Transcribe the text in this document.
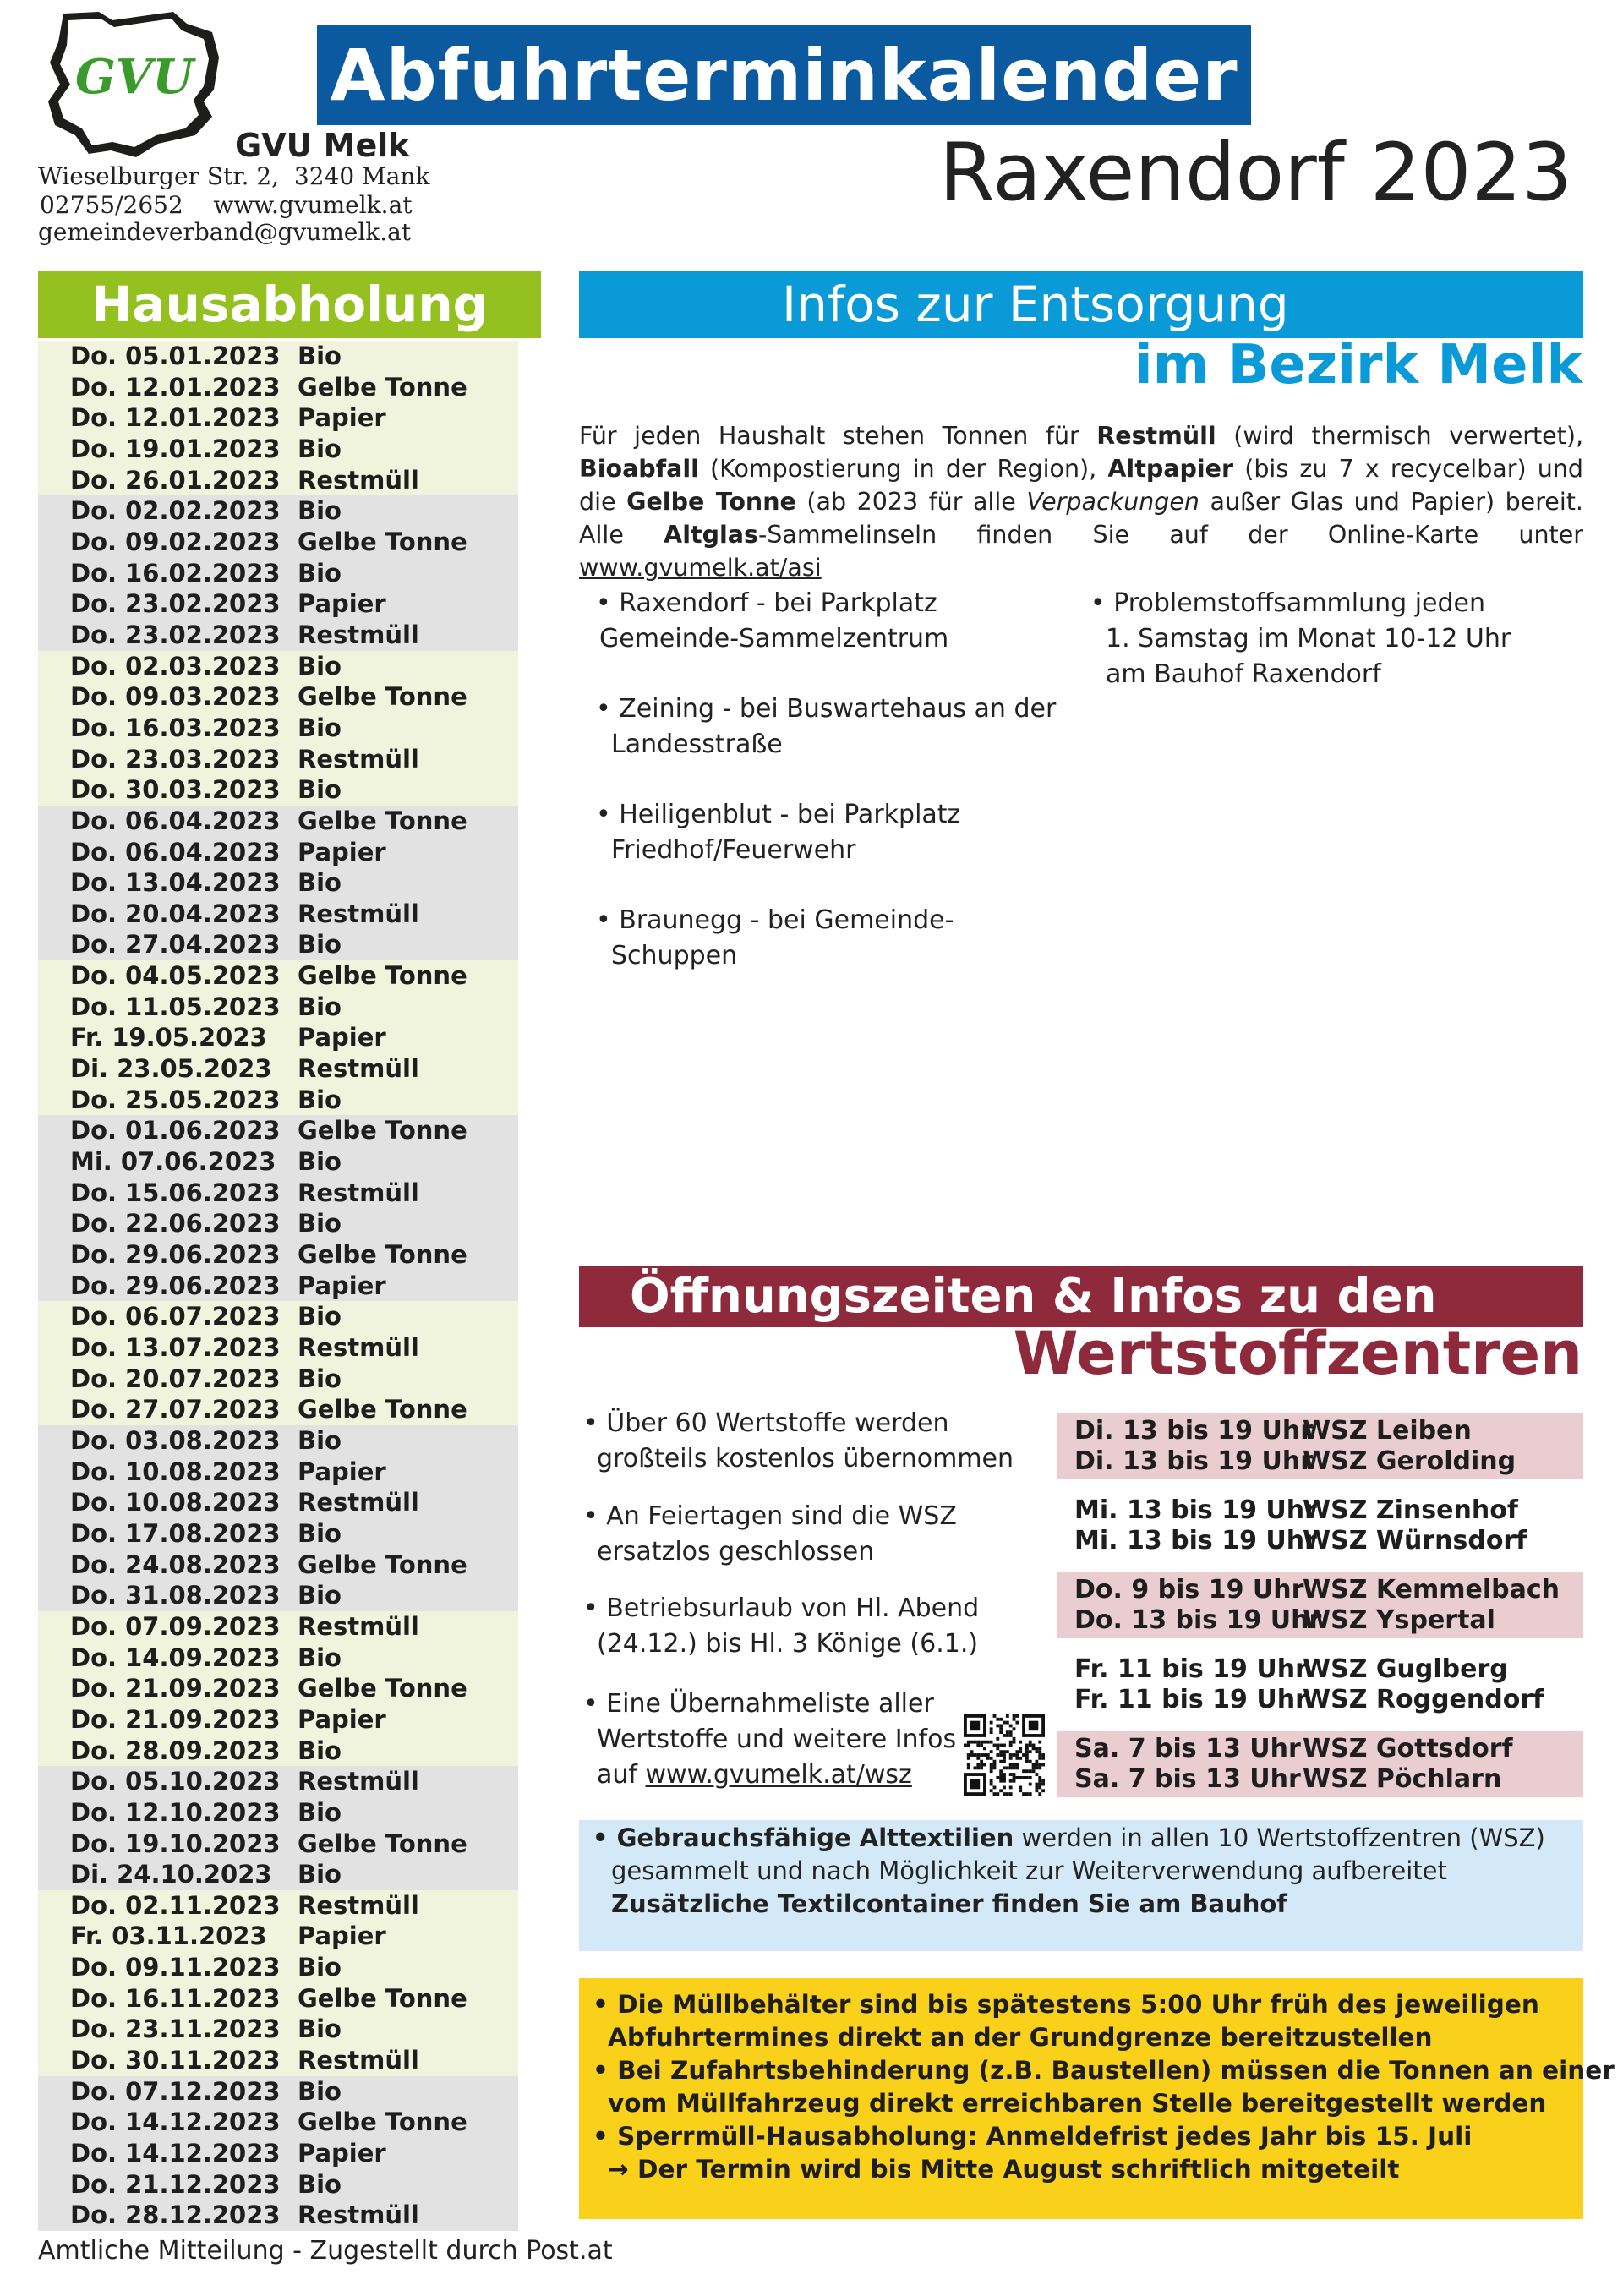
GVU Abfuhrterminkalender
Raxendorf 2023
GVU Melk
Wieselburger Str. 2,  3240 Mank
02755/2652    www.gvumelk.at
gemeindeverband@gvumelk.at
Hausabholung
Do. 05.01.2023 Bio
Do. 12.01.2023 Gelbe Tonne
Do. 12.01.2023 Papier
Do. 19.01.2023 Bio
Do. 26.01.2023 Restmüll
Do. 02.02.2023 Bio
Do. 09.02.2023 Gelbe Tonne
Do. 16.02.2023 Bio
Do. 23.02.2023 Papier
Do. 23.02.2023 Restmüll
Do. 02.03.2023 Bio
Do. 09.03.2023 Gelbe Tonne
Do. 16.03.2023 Bio
Do. 23.03.2023 Restmüll
Do. 30.03.2023 Bio
Do. 06.04.2023 Gelbe Tonne
Do. 06.04.2023 Papier
Do. 13.04.2023 Bio
Do. 20.04.2023 Restmüll
Do. 27.04.2023 Bio
Do. 04.05.2023 Gelbe Tonne
Do. 11.05.2023 Bio
Fr. 19.05.2023 Papier
Di. 23.05.2023 Restmüll
Do. 25.05.2023 Bio
Do. 01.06.2023 Gelbe Tonne
Mi. 07.06.2023 Bio
Do. 15.06.2023 Restmüll
Do. 22.06.2023 Bio
Do. 29.06.2023 Gelbe Tonne
Do. 29.06.2023 Papier
Do. 06.07.2023 Bio
Do. 13.07.2023 Restmüll
Do. 20.07.2023 Bio
Do. 27.07.2023 Gelbe Tonne
Do. 03.08.2023 Bio
Do. 10.08.2023 Papier
Do. 10.08.2023 Restmüll
Do. 17.08.2023 Bio
Do. 24.08.2023 Gelbe Tonne
Do. 31.08.2023 Bio
Do. 07.09.2023 Restmüll
Do. 14.09.2023 Bio
Do. 21.09.2023 Gelbe Tonne
Do. 21.09.2023 Papier
Do. 28.09.2023 Bio
Do. 05.10.2023 Restmüll
Do. 12.10.2023 Bio
Do. 19.10.2023 Gelbe Tonne
Di. 24.10.2023 Bio
Do. 02.11.2023 Restmüll
Fr. 03.11.2023 Papier
Do. 09.11.2023 Bio
Do. 16.11.2023 Gelbe Tonne
Do. 23.11.2023 Bio
Do. 30.11.2023 Restmüll
Do. 07.12.2023 Bio
Do. 14.12.2023 Gelbe Tonne
Do. 14.12.2023 Papier
Do. 21.12.2023 Bio
Do. 28.12.2023 Restmüll
Amtliche Mitteilung - Zugestellt durch Post.at
Infos zur Entsorgung
im Bezirk Melk
Für jeden Haushalt stehen Tonnen für Restmüll (wird thermisch verwertet), Bioabfall (Kompostierung in der Region), Altpapier (bis zu 7 x recycelbar) und die Gelbe Tonne (ab 2023 für alle Verpackungen außer Glas und Papier) bereit. Alle Altglas-Sammelinseln finden Sie auf der Online-Karte unter www.gvumelk.at/asi
• Raxendorf - bei Parkplatz
Gemeinde-Sammelzentrum
• Zeining - bei Buswartehaus an der
Landesstraße
• Heiligenblut - bei Parkplatz
Friedhof/Feuerwehr
• Braunegg - bei Gemeinde-
Schuppen
• Problemstoffsammlung jeden
1. Samstag im Monat 10-12 Uhr
am Bauhof Raxendorf
Öffnungszeiten & Infos zu den
Wertstoffzentren
• Über 60 Wertstoffe werden
großteils kostenlos übernommen
• An Feiertagen sind die WSZ
ersatzlos geschlossen
• Betriebsurlaub von Hl. Abend
(24.12.) bis Hl. 3 Könige (6.1.)
• Eine Übernahmeliste aller
Wertstoffe und weitere Infos
auf www.gvumelk.at/wsz
Di. 13 bis 19 Uhr
WSZ Leiben
Di. 13 bis 19 Uhr
WSZ Gerolding
Mi. 13 bis 19 Uhr
WSZ Zinsenhof
Mi. 13 bis 19 Uhr
WSZ Würnsdorf
Do. 9 bis 19 Uhr
WSZ Kemmelbach
Do. 13 bis 19 Uhr
WSZ Yspertal
Fr. 11 bis 19 Uhr
WSZ Guglberg
Fr. 11 bis 19 Uhr
WSZ Roggendorf
Sa. 7 bis 13 Uhr WSZ Gottsdorf
Sa. 7 bis 13 Uhr WSZ Pöchlarn
• Gebrauchsfähige Alttextilien werden in allen 10 Wertstoffzentren (WSZ)
gesammelt und nach Möglichkeit zur Weiterverwendung aufbereitet
Zusätzliche Textilcontainer finden Sie am Bauhof
• Die Müllbehälter sind bis spätestens 5:00 Uhr früh des jeweiligen
Abfuhrtermines direkt an der Grundgrenze bereitzustellen
• Bei Zufahrtsbehinderung (z.B. Baustellen) müssen die Tonnen an einer
vom Müllfahrzeug direkt erreichbaren Stelle bereitgestellt werden
• Sperrmüll-Hausabholung: Anmeldefrist jedes Jahr bis 15. Juli
→ Der Termin wird bis Mitte August schriftlich mitgeteilt
